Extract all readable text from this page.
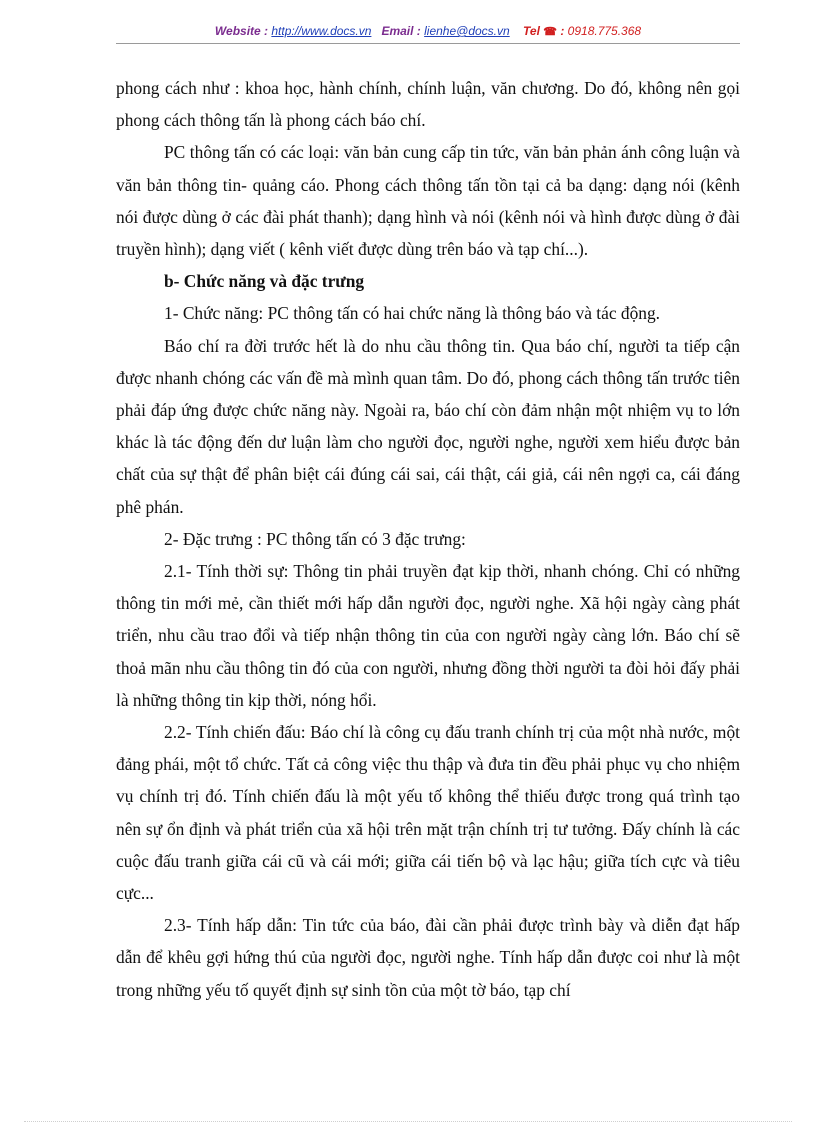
Website : http://www.docs.vn Email : lienhe@docs.vn Tel ☎ : 0918.775.368

phong cách như : khoa học, hành chính, chính luận, văn chương. Do đó, không nên gọi phong cách thông tấn là phong cách báo chí.

PC thông tấn có các loại: văn bản cung cấp tin tức, văn bản phản ánh công luận và văn bản thông tin- quảng cáo. Phong cách thông tấn tồn tại cả ba dạng: dạng nói (kênh nói được dùng ở các đài phát thanh); dạng hình và nói (kênh nói và hình được dùng ở đài truyền hình); dạng viết ( kênh viết được dùng trên báo và tạp chí...).

b- Chức năng và đặc trưng

1- Chức năng: PC thông tấn có hai chức năng là thông báo và tác động.

Báo chí ra đời trước hết là do nhu cầu thông tin. Qua báo chí, người ta tiếp cận được nhanh chóng các vấn đề mà mình quan tâm. Do đó, phong cách thông tấn trước tiên phải đáp ứng được chức năng này. Ngoài ra, báo chí còn đảm nhận một nhiệm vụ to lớn khác là tác động đến dư luận làm cho người đọc, người nghe, người xem hiểu được bản chất của sự thật để phân biệt cái đúng cái sai, cái thật, cái giả, cái nên ngợi ca, cái đáng phê phán.

2- Đặc trưng : PC thông tấn có 3 đặc trưng:

2.1- Tính thời sự: Thông tin phải truyền đạt kịp thời, nhanh chóng. Chỉ có những thông tin mới mẻ, cần thiết mới hấp dẫn người đọc, người nghe. Xã hội ngày càng phát triển, nhu cầu trao đổi và tiếp nhận thông tin của con người ngày càng lớn. Báo chí sẽ thoả mãn nhu cầu thông tin đó của con người, nhưng đồng thời người ta đòi hỏi đấy phải là những thông tin kịp thời, nóng hổi.

2.2- Tính chiến đấu: Báo chí là công cụ đấu tranh chính trị của một nhà nước, một đảng phái, một tổ chức. Tất cả công việc thu thập và đưa tin đều phải phục vụ cho nhiệm vụ chính trị đó. Tính chiến đấu là một yếu tố không thể thiếu được trong quá trình tạo nên sự ổn định và phát triển của xã hội trên mặt trận chính trị tư tưởng. Đấy chính là các cuộc đấu tranh giữa cái cũ và cái mới; giữa cái tiến bộ và lạc hậu; giữa tích cực và tiêu cực...

2.3- Tính hấp dẫn: Tin tức của báo, đài cần phải được trình bày và diễn đạt hấp dẫn để khêu gợi hứng thú của người đọc, người nghe. Tính hấp dẫn được coi như là một trong những yếu tố quyết định sự sinh tồn của một tờ báo, tạp chí
